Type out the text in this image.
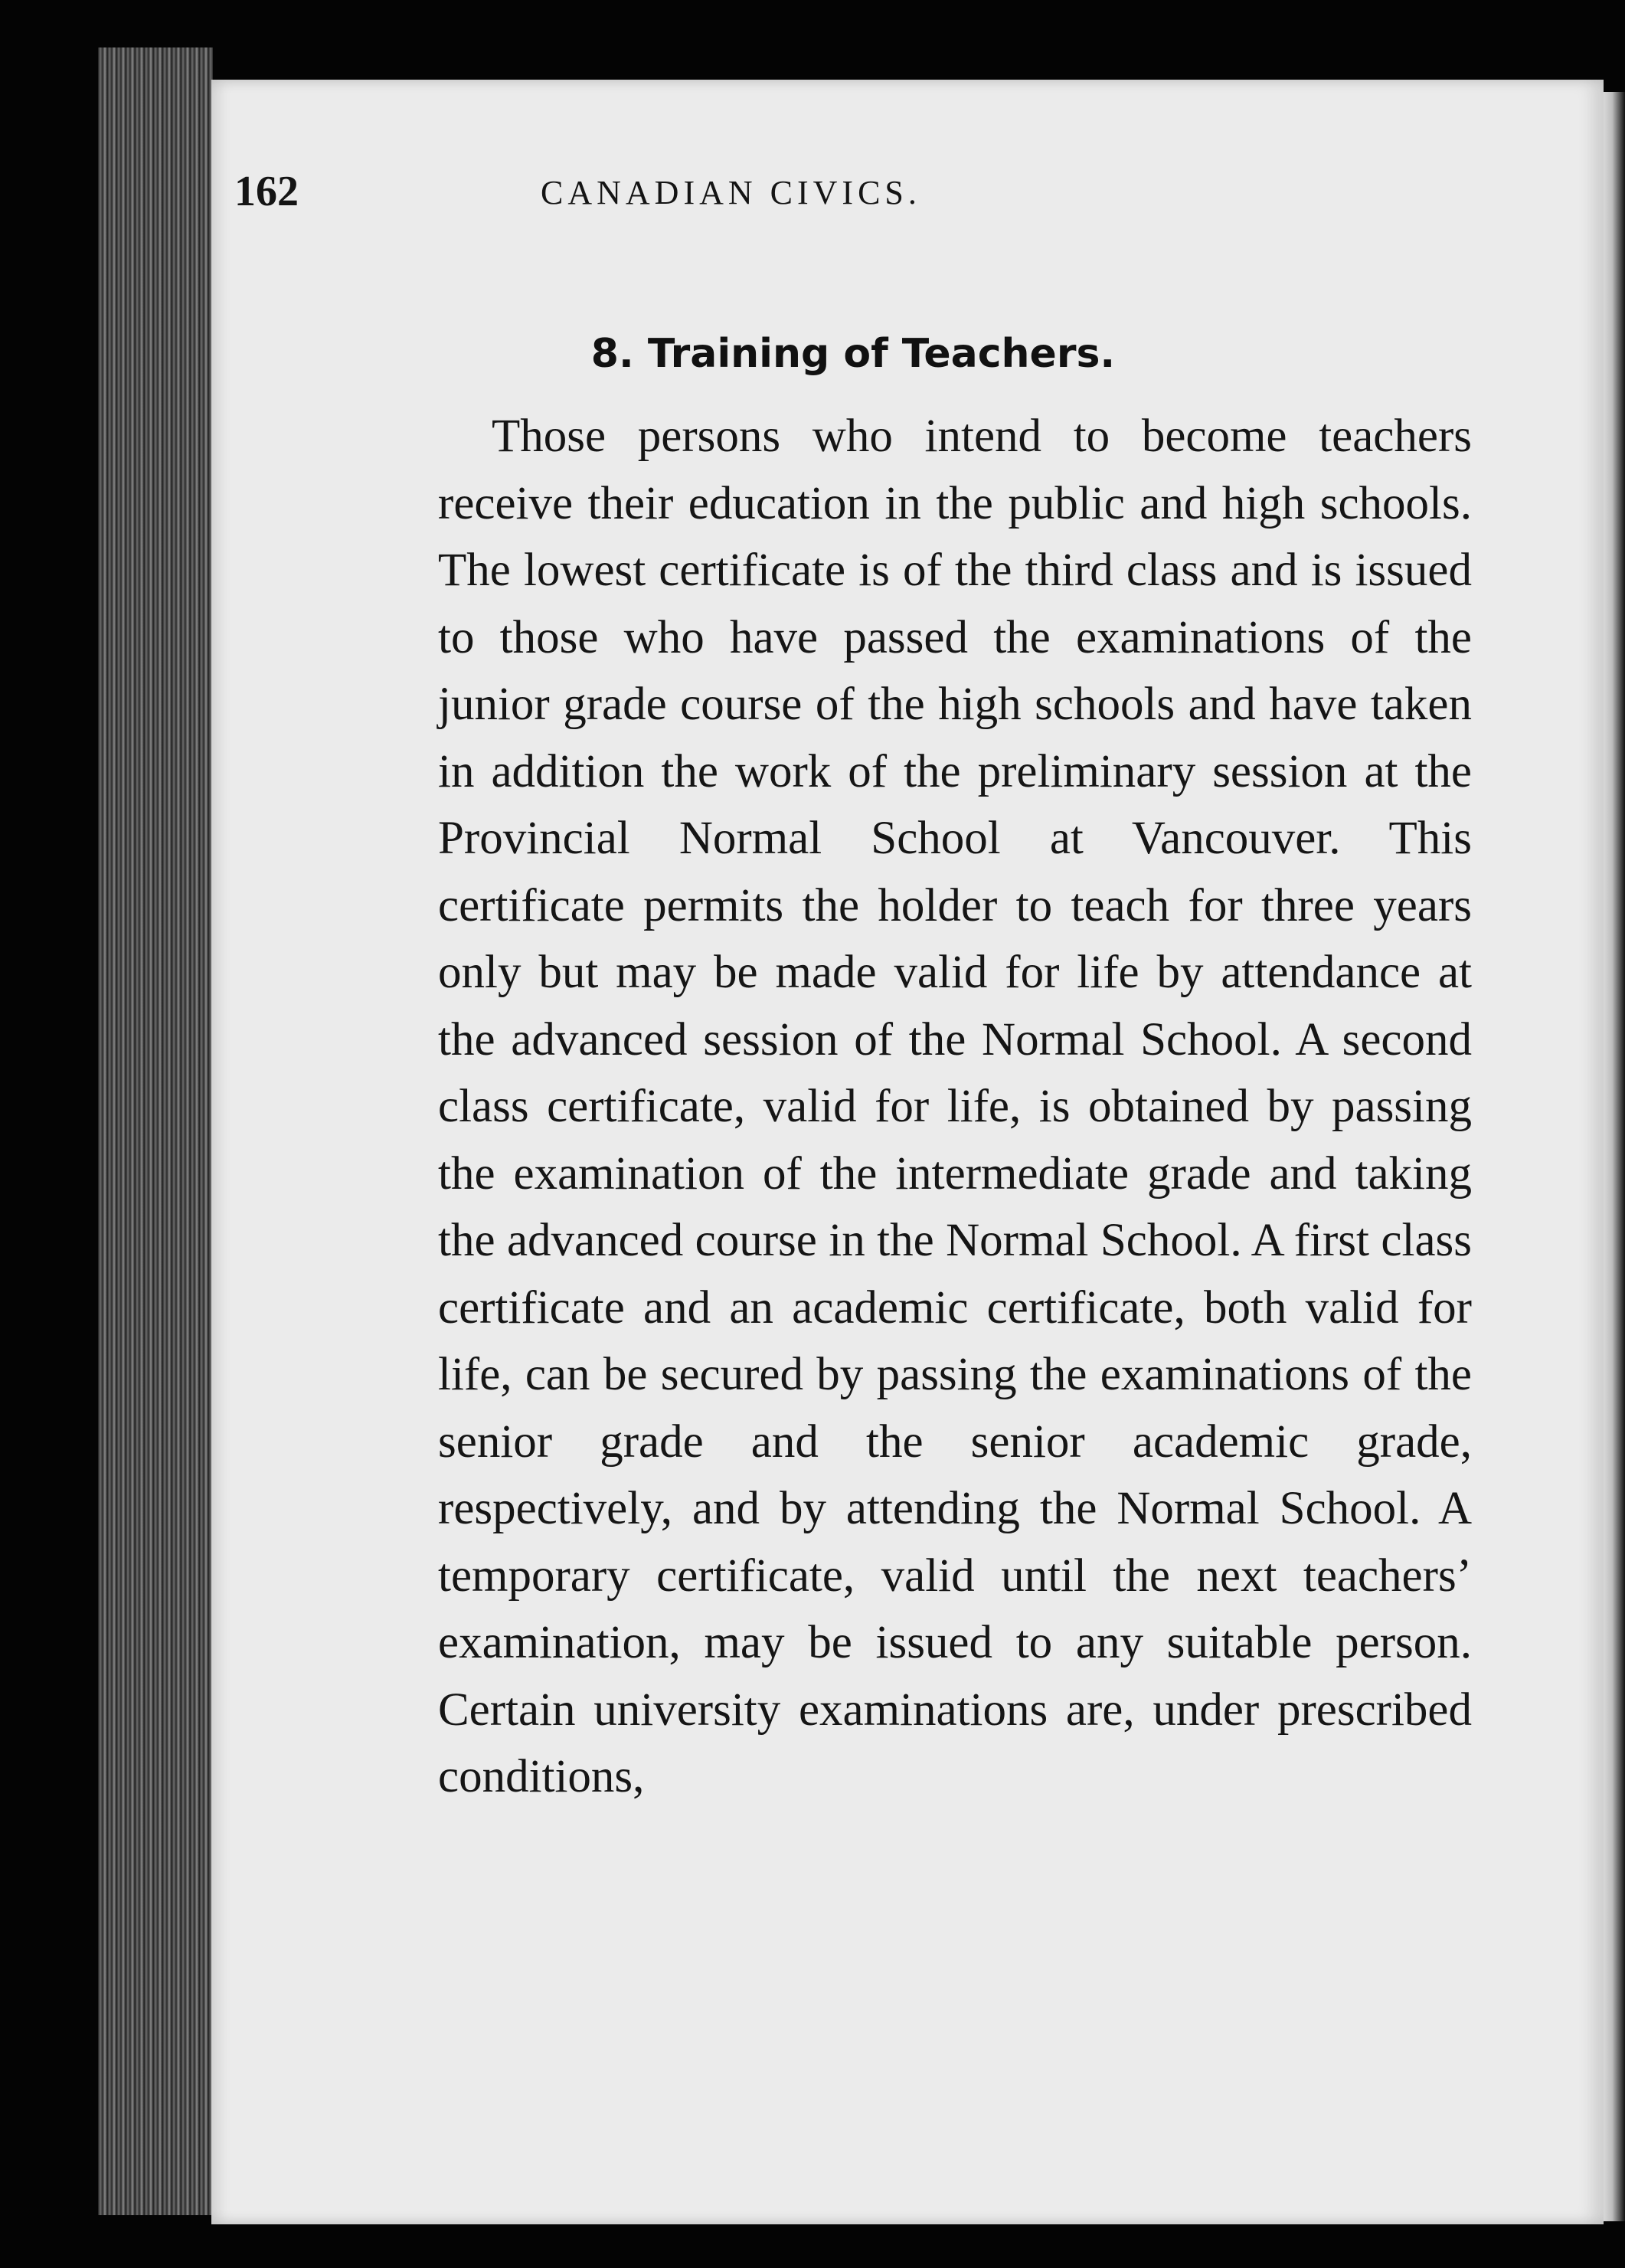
162	CANADIAN CIVICS.
8. Training of Teachers.

Those persons who intend to become teachers receive their education in the public and high schools. The lowest certificate is of the third class and is issued to those who have passed the examinations of the junior grade course of the high schools and have taken in addition the work of the preliminary session at the Provincial Normal School at Vancouver. This certificate permits the holder to teach for three years only but may be made valid for life by attendance at the advanced session of the Normal School. A second class certificate, valid for life, is obtained by passing the examination of the intermediate grade and taking the advanced course in the Normal School. A first class certificate and an academic certificate, both valid for life, can be secured by passing the examinations of the senior grade and the senior academic grade, respectively, and by attending the Normal School. A temporary certificate, valid until the next teachers’ examination, may be issued to any suitable person. Certain university examinations are, under prescribed conditions,
